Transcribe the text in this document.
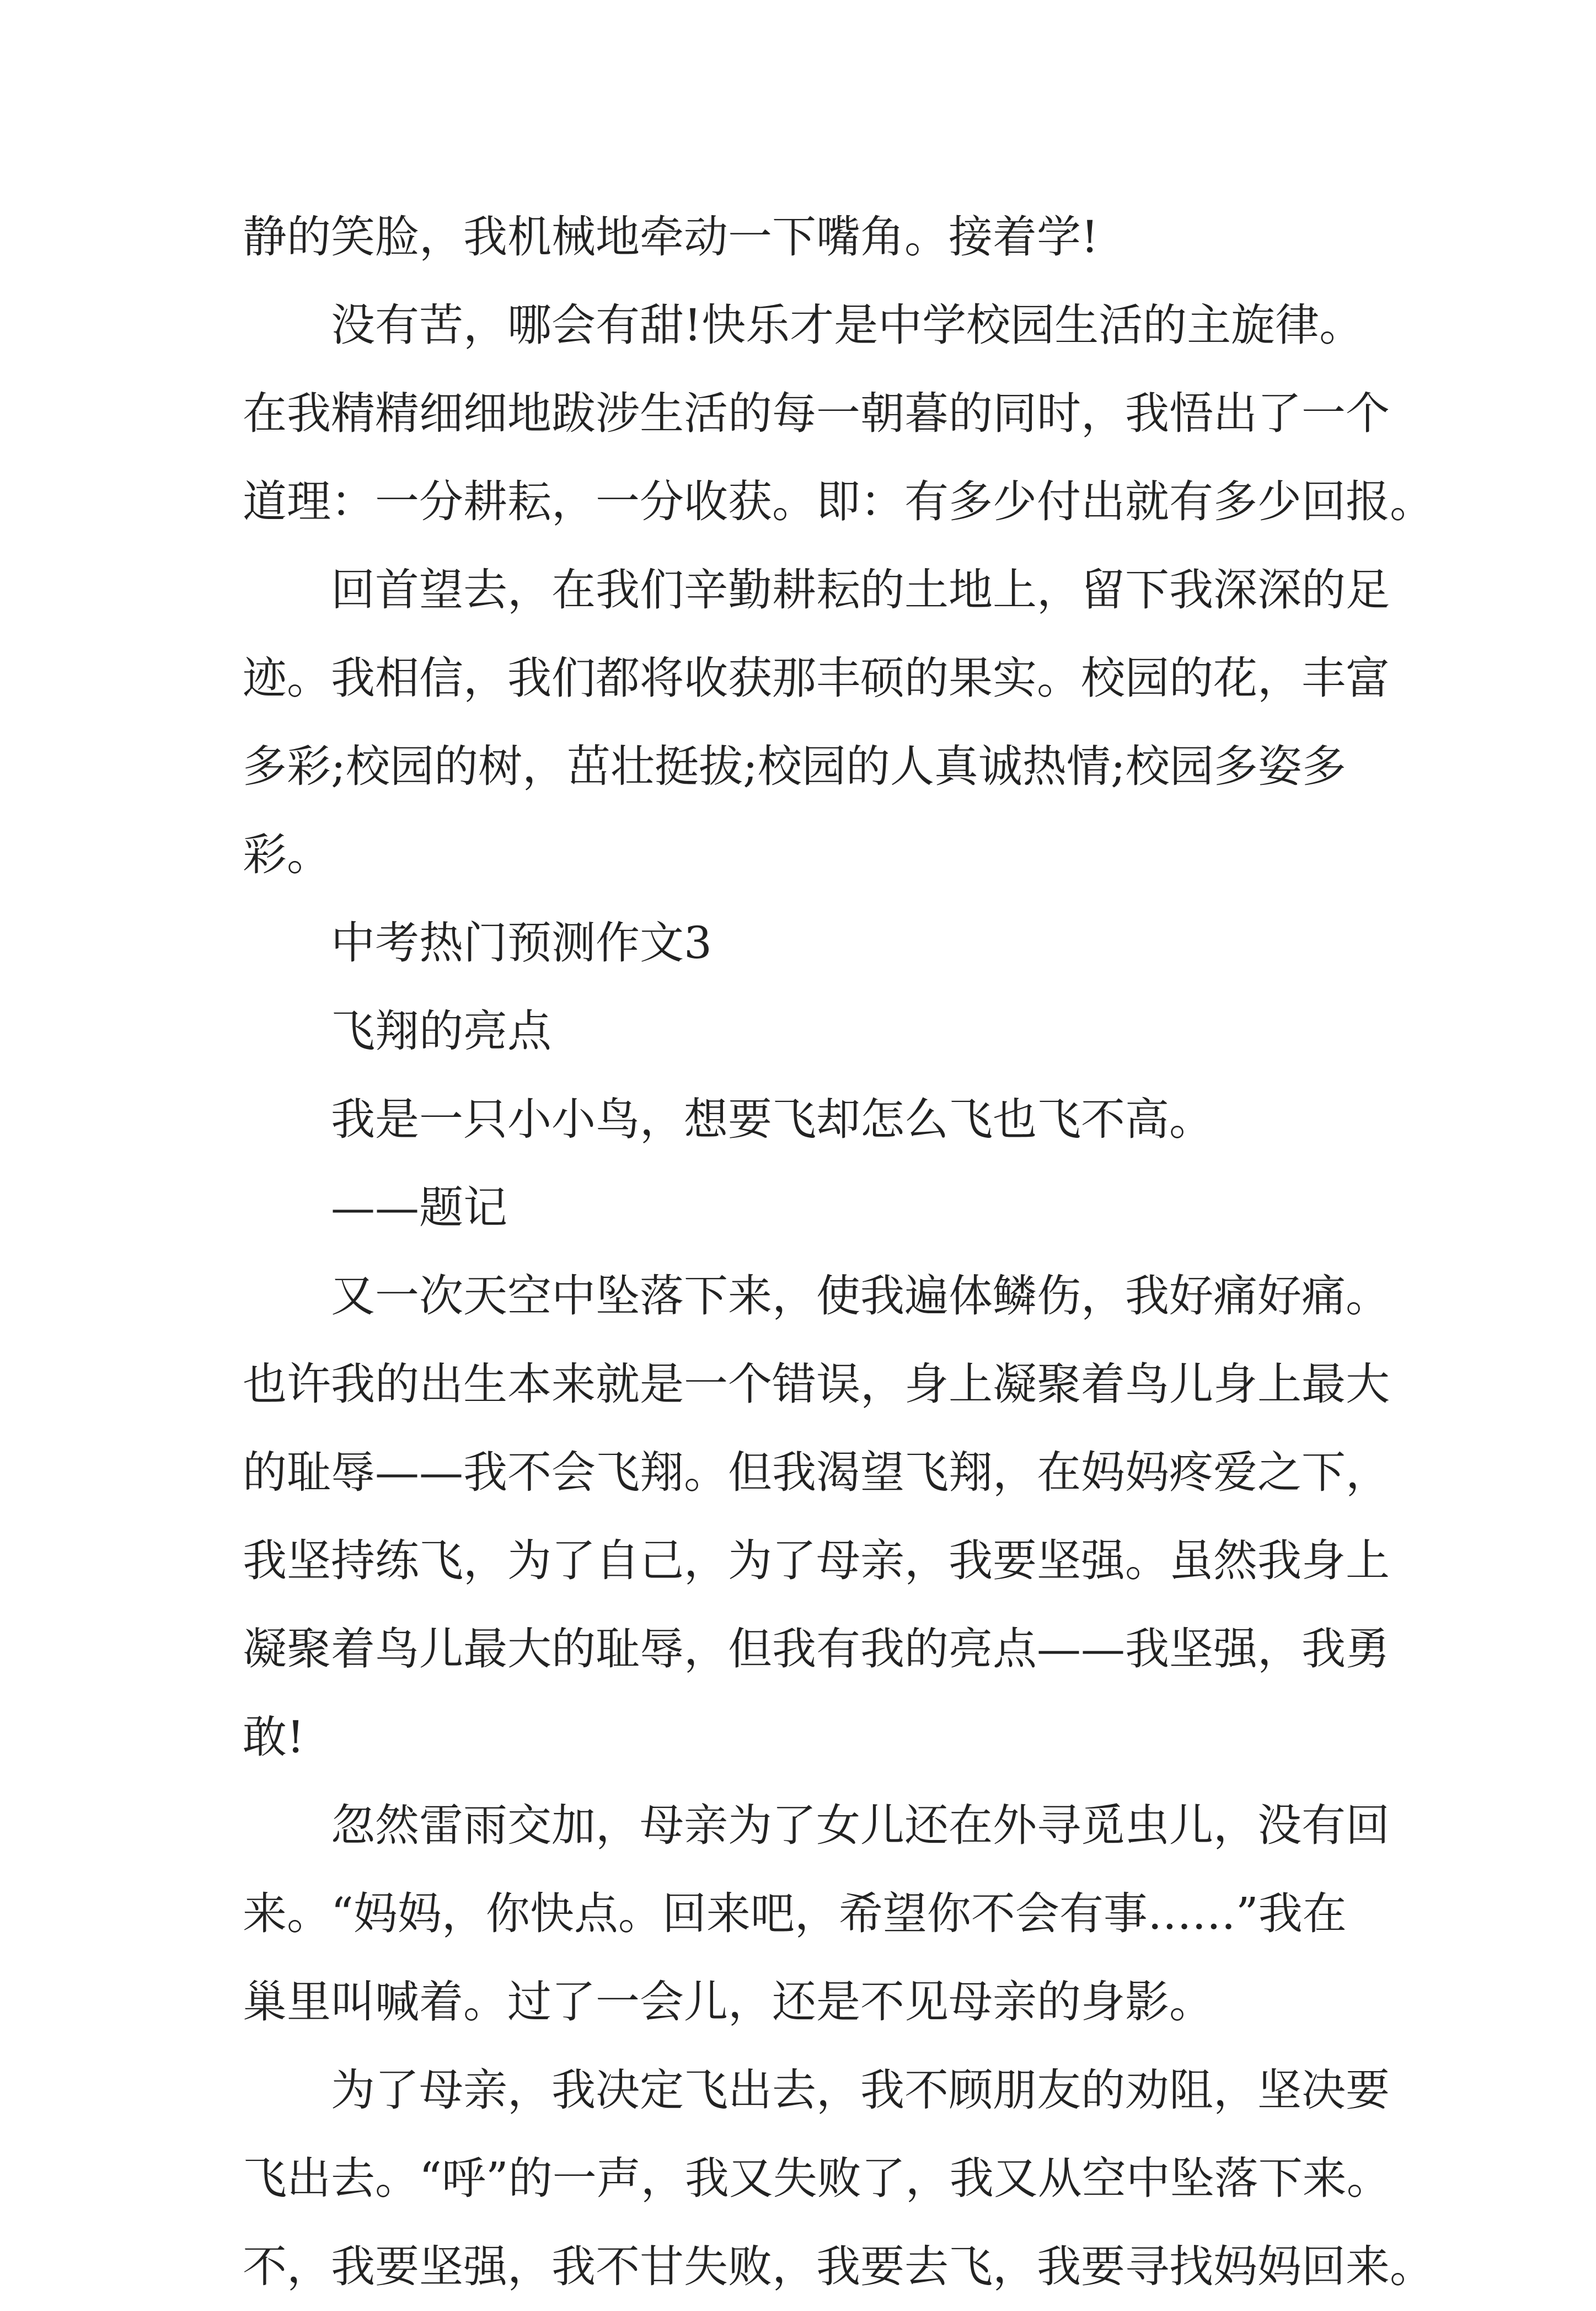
静的笑脸，我机械地牵动一下嘴角。接着学!
没有苦，哪会有甜!快乐才是中学校园生活的主旋律。
在我精精细细地跋涉生活的每一朝暮的同时，我悟出了一个
道理：一分耕耘，一分收获。即：有多少付出就有多少回报。
回首望去，在我们辛勤耕耘的土地上，留下我深深的足
迹。我相信，我们都将收获那丰硕的果实。校园的花，丰富
多彩;校园的树，茁壮挺拔;校园的人真诚热情;校园多姿多
彩。
中考热门预测作文3
飞翔的亮点
我是一只小小鸟，想要飞却怎么飞也飞不高。
——题记
又一次天空中坠落下来，使我遍体鳞伤，我好痛好痛。
也许我的出生本来就是一个错误，身上凝聚着鸟儿身上最大
的耻辱——我不会飞翔。但我渴望飞翔，在妈妈疼爱之下，
我坚持练飞，为了自己，为了母亲，我要坚强。虽然我身上
凝聚着鸟儿最大的耻辱，但我有我的亮点——我坚强，我勇
敢!
忽然雷雨交加，母亲为了女儿还在外寻觅虫儿，没有回
来。“妈妈，你快点。回来吧，希望你不会有事……”我在
巢里叫喊着。过了一会儿，还是不见母亲的身影。
为了母亲，我决定飞出去，我不顾朋友的劝阻，坚决要
飞出去。“呼”的一声，我又失败了，我又从空中坠落下来。
不，我要坚强，我不甘失败，我要去飞，我要寻找妈妈回来。
